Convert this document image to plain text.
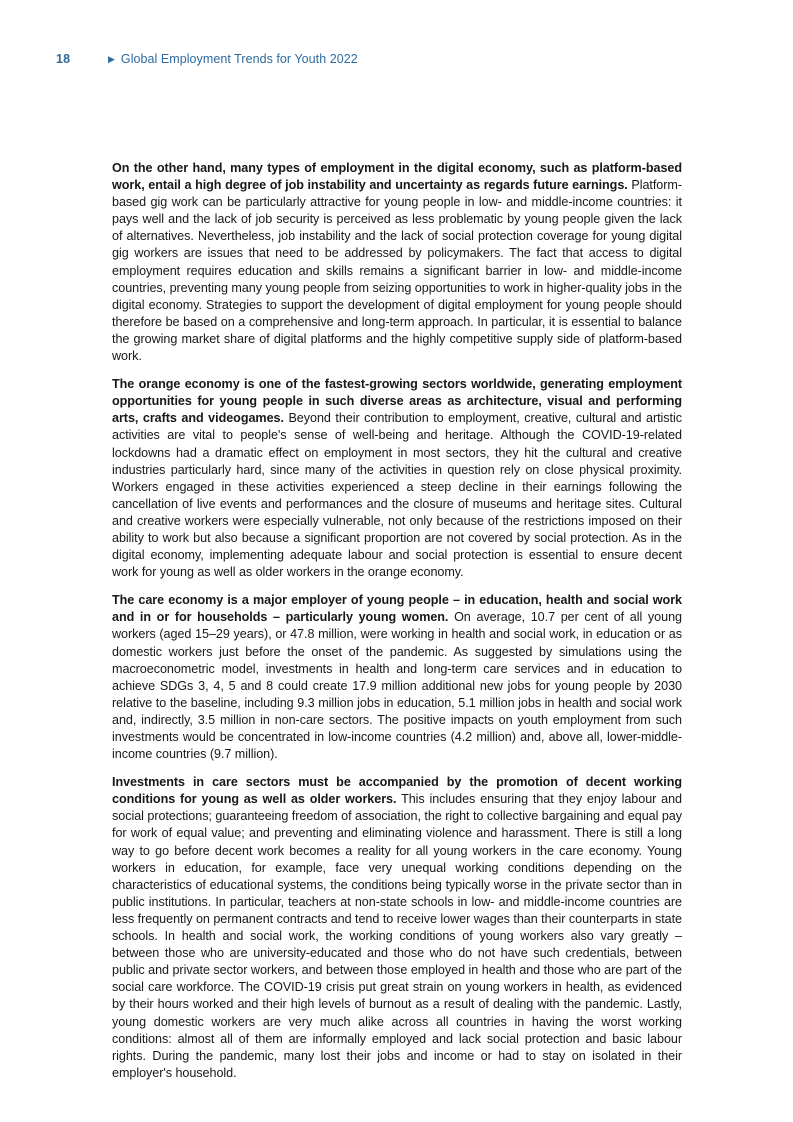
18	▶ Global Employment Trends for Youth 2022

On the other hand, many types of employment in the digital economy, such as platform-based work, entail a high degree of job instability and uncertainty as regards future earnings. Platform-based gig work can be particularly attractive for young people in low- and middle-income countries: it pays well and the lack of job security is perceived as less problematic by young people given the lack of alternatives. Nevertheless, job instability and the lack of social protection coverage for young digital gig workers are issues that need to be addressed by policymakers. The fact that access to digital employment requires education and skills remains a significant barrier in low- and middle-income countries, preventing many young people from seizing opportunities to work in higher-quality jobs in the digital economy. Strategies to support the development of digital employment for young people should therefore be based on a comprehensive and long-term approach. In particular, it is essential to balance the growing market share of digital platforms and the highly competitive supply side of platform-based work.

The orange economy is one of the fastest-growing sectors worldwide, generating employment opportunities for young people in such diverse areas as architecture, visual and performing arts, crafts and videogames. Beyond their contribution to employment, creative, cultural and artistic activities are vital to people's sense of well-being and heritage. Although the COVID-19-related lockdowns had a dramatic effect on employment in most sectors, they hit the cultural and creative industries particularly hard, since many of the activities in question rely on close physical proximity. Workers engaged in these activities experienced a steep decline in their earnings following the cancellation of live events and performances and the closure of museums and heritage sites. Cultural and creative workers were especially vulnerable, not only because of the restrictions imposed on their ability to work but also because a significant proportion are not covered by social protection. As in the digital economy, implementing adequate labour and social protection is essential to ensure decent work for young as well as older workers in the orange economy.

The care economy is a major employer of young people – in education, health and social work and in or for households – particularly young women. On average, 10.7 per cent of all young workers (aged 15–29 years), or 47.8 million, were working in health and social work, in education or as domestic workers just before the onset of the pandemic. As suggested by simulations using the macroeconometric model, investments in health and long-term care services and in education to achieve SDGs 3, 4, 5 and 8 could create 17.9 million additional new jobs for young people by 2030 relative to the baseline, including 9.3 million jobs in education, 5.1 million jobs in health and social work and, indirectly, 3.5 million in non-care sectors. The positive impacts on youth employment from such investments would be concentrated in low-income countries (4.2 million) and, above all, lower-middle-income countries (9.7 million).

Investments in care sectors must be accompanied by the promotion of decent working conditions for young as well as older workers. This includes ensuring that they enjoy labour and social protections; guaranteeing freedom of association, the right to collective bargaining and equal pay for work of equal value; and preventing and eliminating violence and harassment. There is still a long way to go before decent work becomes a reality for all young workers in the care economy. Young workers in education, for example, face very unequal working conditions depending on the characteristics of educational systems, the conditions being typically worse in the private sector than in public institutions. In particular, teachers at non-state schools in low- and middle-income countries are less frequently on permanent contracts and tend to receive lower wages than their counterparts in state schools. In health and social work, the working conditions of young workers also vary greatly – between those who are university-educated and those who do not have such credentials, between public and private sector workers, and between those employed in health and those who are part of the social care workforce. The COVID-19 crisis put great strain on young workers in health, as evidenced by their hours worked and their high levels of burnout as a result of dealing with the pandemic. Lastly, young domestic workers are very much alike across all countries in having the worst working conditions: almost all of them are informally employed and lack social protection and basic labour rights. During the pandemic, many lost their jobs and income or had to stay on isolated in their employer's household.
